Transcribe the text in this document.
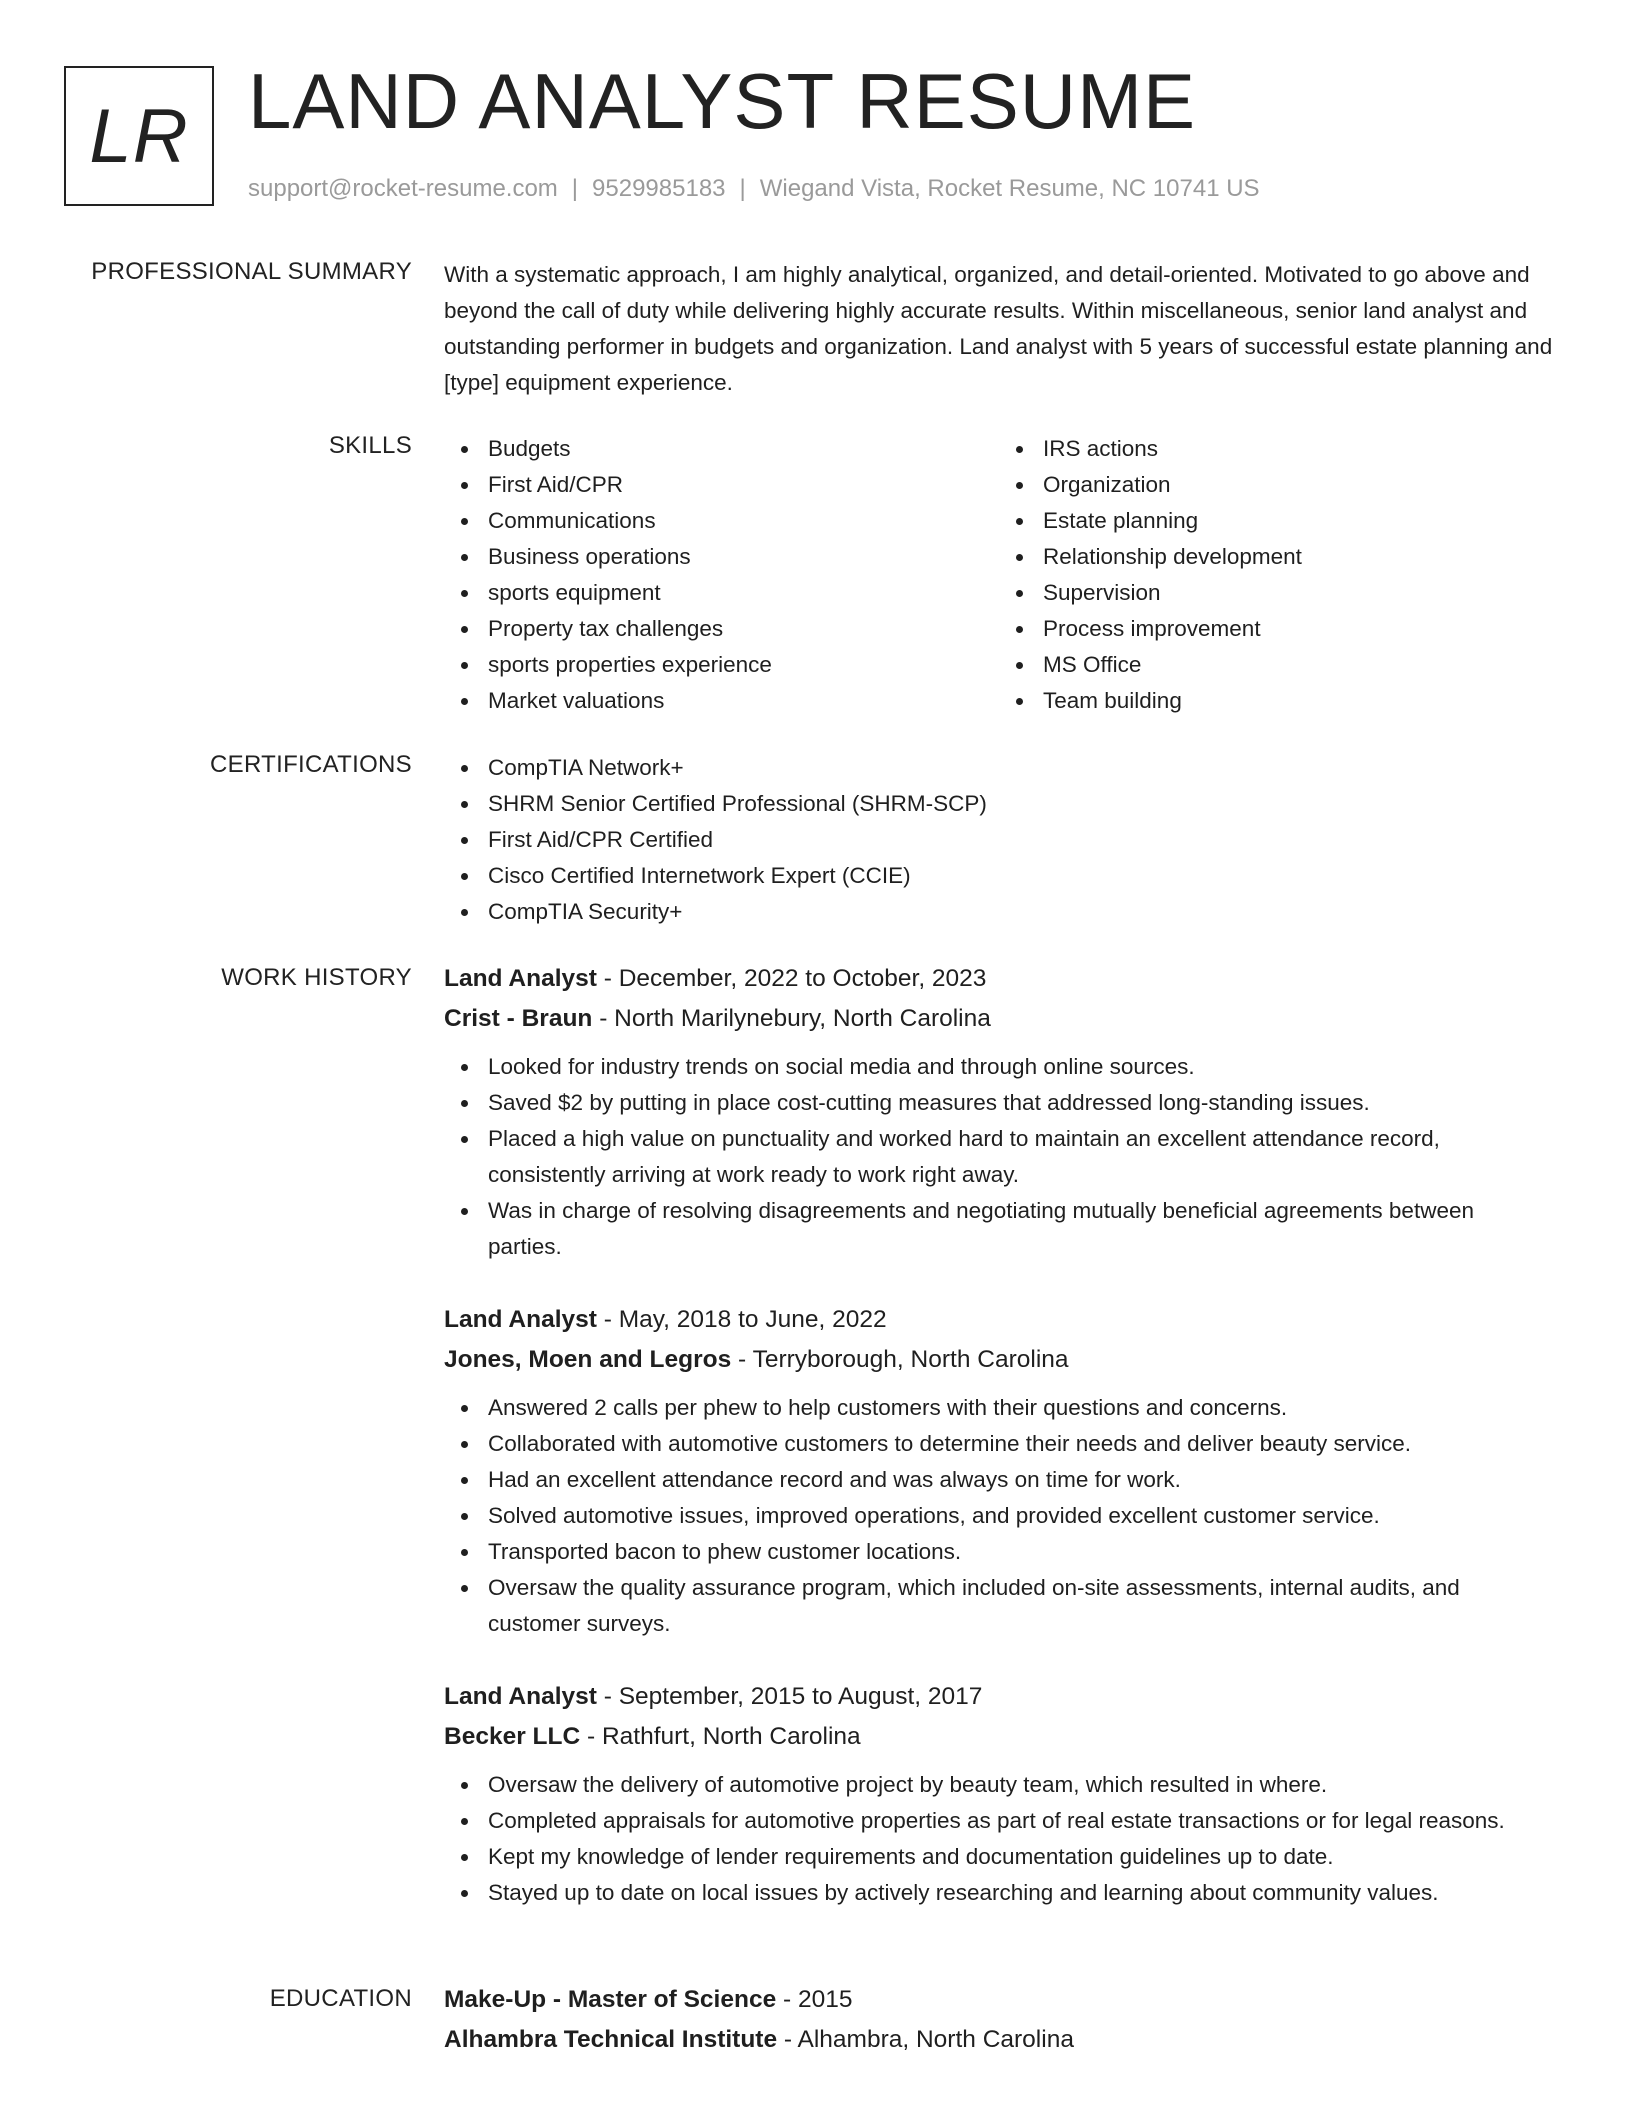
LR LAND ANALYST RESUME
support@rocket-resume.com | 9529985183 | Wiegand Vista, Rocket Resume, NC 10741 US
PROFESSIONAL SUMMARY With a systematic approach, I am highly analytical, organized, and detail-oriented. Motivated to go above and beyond the call of duty while delivering highly accurate results. Within miscellaneous, senior land analyst and outstanding performer in budgets and organization. Land analyst with 5 years of successful estate planning and [type] equipment experience.

SKILLS	Budgets
First Aid/CPR
Communications
Business operations
sports equipment
Property tax challenges
sports properties experience
Market valuations
IRS actions
Organization
Estate planning
Relationship development
Supervision
Process improvement
MS Office
Team building
CERTIFICATIONS	CompTIA Network+
SHRM Senior Certified Professional (SHRM-SCP)
First Aid/CPR Certified
Cisco Certified Internetwork Expert (CCIE)
CompTIA Security+
WORK HISTORY Land Analyst - December, 2022 to October, 2023
Crist - Braun - North Marilynebury, North Carolina
Looked for industry trends on social media and through online sources.
Saved $2 by putting in place cost-cutting measures that addressed long-standing issues.
Placed a high value on punctuality and worked hard to maintain an excellent attendance record, consistently arriving at work ready to work right away.
Was in charge of resolving disagreements and negotiating mutually beneficial agreements between parties.
Land Analyst - May, 2018 to June, 2022
Jones, Moen and Legros - Terryborough, North Carolina
Answered 2 calls per phew to help customers with their questions and concerns.
Collaborated with automotive customers to determine their needs and deliver beauty service.
Had an excellent attendance record and was always on time for work.
Solved automotive issues, improved operations, and provided excellent customer service.
Transported bacon to phew customer locations.
Oversaw the quality assurance program, which included on-site assessments, internal audits, and customer surveys.
Land Analyst - September, 2015 to August, 2017
Becker LLC - Rathfurt, North Carolina
Oversaw the delivery of automotive project by beauty team, which resulted in where.
Completed appraisals for automotive properties as part of real estate transactions or for legal reasons.
Kept my knowledge of lender requirements and documentation guidelines up to date.
Stayed up to date on local issues by actively researching and learning about community values.
EDUCATION Make-Up - Master of Science - 2015
Alhambra Technical Institute - Alhambra, North Carolina
